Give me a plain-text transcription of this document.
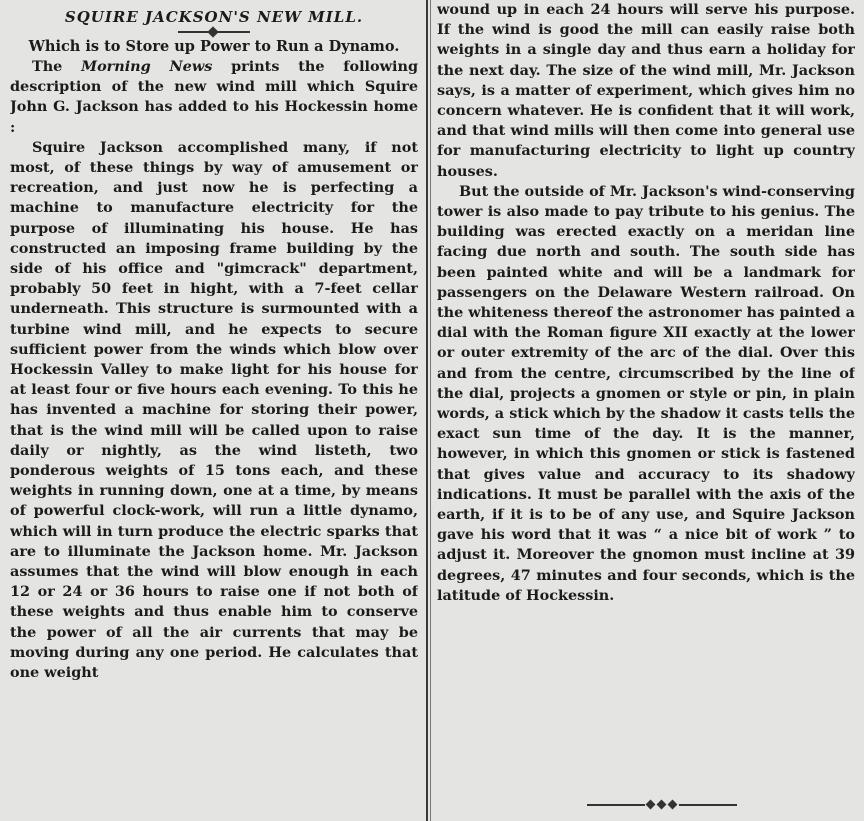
SQUIRE JACKSON'S NEW MILL.
Which is to Store up Power to Run a Dynamo.

The Morning News prints the following description of the new wind mill which Squire John G. Jackson has added to his Hockessin home :

Squire Jackson accomplished many, if not most, of these things by way of amusement or recreation, and just now he is perfecting a machine to manufacture electricity for the purpose of illuminating his house. He has constructed an imposing frame building by the side of his office and "gimcrack" department, probably 50 feet in hight, with a 7-feet cellar underneath. This structure is surmounted with a turbine wind mill, and he expects to secure sufficient power from the winds which blow over Hockessin Valley to make light for his house for at least four or five hours each evening. To this he has invented a machine for storing their power, that is the wind mill will be called upon to raise daily or nightly, as the wind listeth, two ponderous weights of 15 tons each, and these weights in running down, one at a time, by means of powerful clock-work, will run a little dynamo, which will in turn produce the electric sparks that are to illuminate the Jackson home. Mr. Jackson assumes that the wind will blow enough in each 12 or 24 or 36 hours to raise one if not both of these weights and thus enable him to conserve the power of all the air currents that may be moving during any one period. He calculates that one weight

wound up in each 24 hours will serve his purpose. If the wind is good the mill can easily raise both weights in a single day and thus earn a holiday for the next day. The size of the wind mill, Mr. Jackson says, is a matter of experiment, which gives him no concern whatever. He is confident that it will work, and that wind mills will then come into general use for manufacturing electricity to light up country houses.

But the outside of Mr. Jackson's wind-conserving tower is also made to pay tribute to his genius. The building was erected exactly on a meridan line facing due north and south. The south side has been painted white and will be a landmark for passengers on the Delaware Western railroad. On the whiteness thereof the astronomer has painted a dial with the Roman figure XII exactly at the lower or outer extremity of the arc of the dial. Over this and from the centre, circumscribed by the line of the dial, projects a gnomen or style or pin, in plain words, a stick which by the shadow it casts tells the exact sun time of the day. It is the manner, however, in which this gnomen or stick is fastened that gives value and accuracy to its shadowy indications. It must be parallel with the axis of the earth, if it is to be of any use, and Squire Jackson gave his word that it was “ a nice bit of work ” to adjust it. Moreover the gnomon must incline at 39 degrees, 47 minutes and four seconds, which is the latitude of Hockessin.
